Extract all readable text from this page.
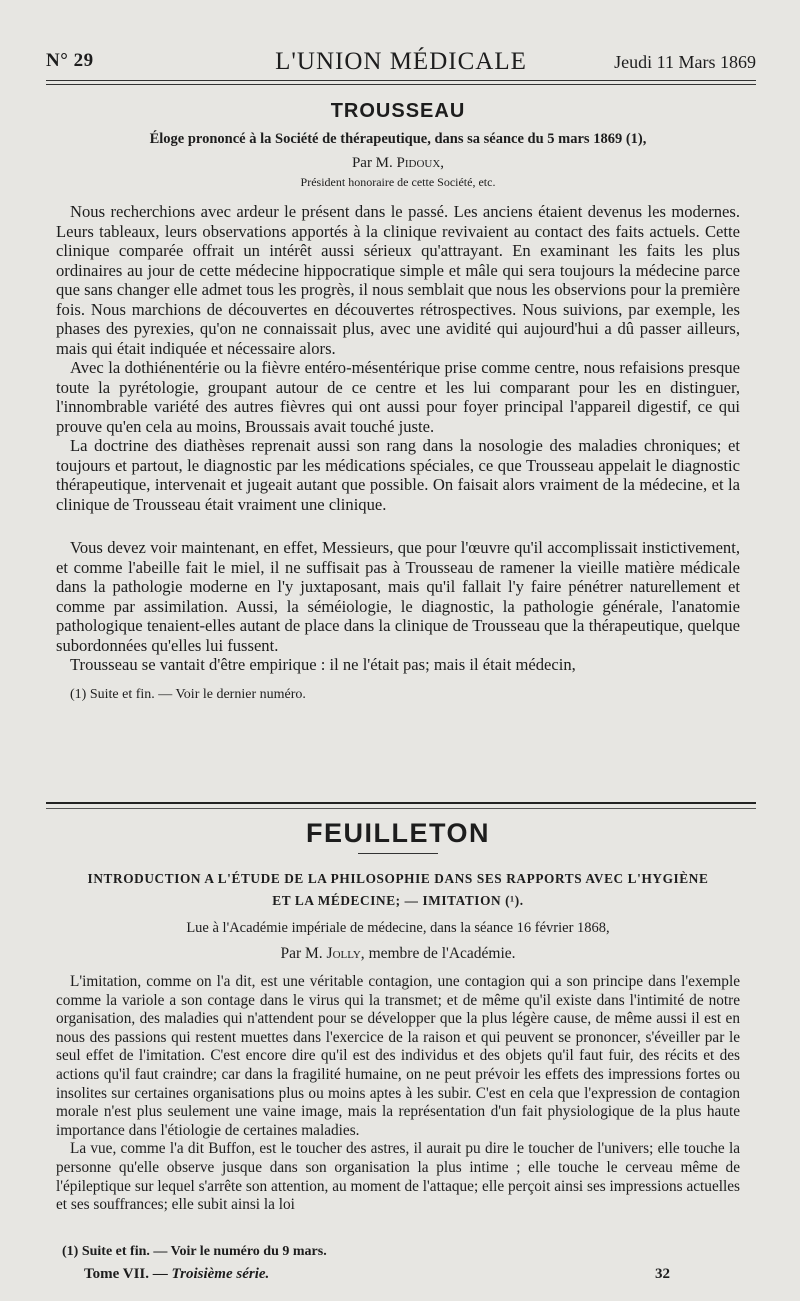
N° 29	L'UNION MÉDICALE	Jeudi 11 Mars 1869
TROUSSEAU
Éloge prononcé à la Société de thérapeutique, dans sa séance du 5 mars 1869 (1),
Par M. Pidoux,
Président honoraire de cette Société, etc.

Nous recherchions avec ardeur le présent dans le passé. Les anciens étaient devenus les modernes. Leurs tableaux, leurs observations apportés à la clinique revivaient au contact des faits actuels. Cette clinique comparée offrait un intérêt aussi sérieux qu'attrayant. En examinant les faits les plus ordinaires au jour de cette médecine hippocratique simple et mâle qui sera toujours la médecine parce que sans changer elle admet tous les progrès, il nous semblait que nous les observions pour la première fois. Nous marchions de découvertes en découvertes rétrospectives. Nous suivions, par exemple, les phases des pyrexies, qu'on ne connaissait plus, avec une avidité qui aujourd'hui a dû passer ailleurs, mais qui était indiquée et nécessaire alors.

Avec la dothiénentérie ou la fièvre entéro-mésentérique prise comme centre, nous refaisions presque toute la pyrétologie, groupant autour de ce centre et les lui comparant pour les en distinguer, l'innombrable variété des autres fièvres qui ont aussi pour foyer principal l'appareil digestif, ce qui prouve qu'en cela au moins, Broussais avait touché juste.

La doctrine des diathèses reprenait aussi son rang dans la nosologie des maladies chroniques; et toujours et partout, le diagnostic par les médications spéciales, ce que Trousseau appelait le diagnostic thérapeutique, intervenait et jugeait autant que possible. On faisait alors vraiment de la médecine, et la clinique de Trousseau était vraiment une clinique.

Vous devez voir maintenant, en effet, Messieurs, que pour l'œuvre qu'il accomplissait instictivement, et comme l'abeille fait le miel, il ne suffisait pas à Trousseau de ramener la vieille matière médicale dans la pathologie moderne en l'y juxtaposant, mais qu'il fallait l'y faire pénétrer naturellement et comme par assimilation. Aussi, la séméiologie, le diagnostic, la pathologie générale, l'anatomie pathologique tenaient-elles autant de place dans la clinique de Trousseau que la thérapeutique, quelque subordonnées qu'elles lui fussent.

Trousseau se vantait d'être empirique : il ne l'était pas; mais il était médecin,

(1) Suite et fin. — Voir le dernier numéro.
FEUILLETON
INTRODUCTION A L'ÉTUDE DE LA PHILOSOPHIE DANS SES RAPPORTS AVEC L'HYGIÈNE
ET LA MÉDECINE; — IMITATION (¹).
Lue à l'Académie impériale de médecine, dans la séance 16 février 1868,
Par M. Jolly, membre de l'Académie.

L'imitation, comme on l'a dit, est une véritable contagion, une contagion qui a son principe dans l'exemple comme la variole a son contage dans le virus qui la transmet; et de même qu'il existe dans l'intimité de notre organisation, des maladies qui n'attendent pour se développer que la plus légère cause, de même aussi il est en nous des passions qui restent muettes dans l'exercice de la raison et qui peuvent se prononcer, s'éveiller par le seul effet de l'imitation. C'est encore dire qu'il est des individus et des objets qu'il faut fuir, des récits et des actions qu'il faut craindre; car dans la fragilité humaine, on ne peut prévoir les effets des impressions fortes ou insolites sur certaines organisations plus ou moins aptes à les subir. C'est en cela que l'expression de contagion morale n'est plus seulement une vaine image, mais la représentation d'un fait physiologique de la plus haute importance dans l'étiologie de certaines maladies.

La vue, comme l'a dit Buffon, est le toucher des astres, il aurait pu dire le toucher de l'univers; elle touche la personne qu'elle observe jusque dans son organisation la plus intime ; elle touche le cerveau même de l'épileptique sur lequel s'arrête son attention, au moment de l'attaque; elle perçoit ainsi ses impressions actuelles et ses souffrances; elle subit ainsi la loi

(1) Suite et fin. — Voir le numéro du 9 mars.
Tome VII. — Troisième série.	32
